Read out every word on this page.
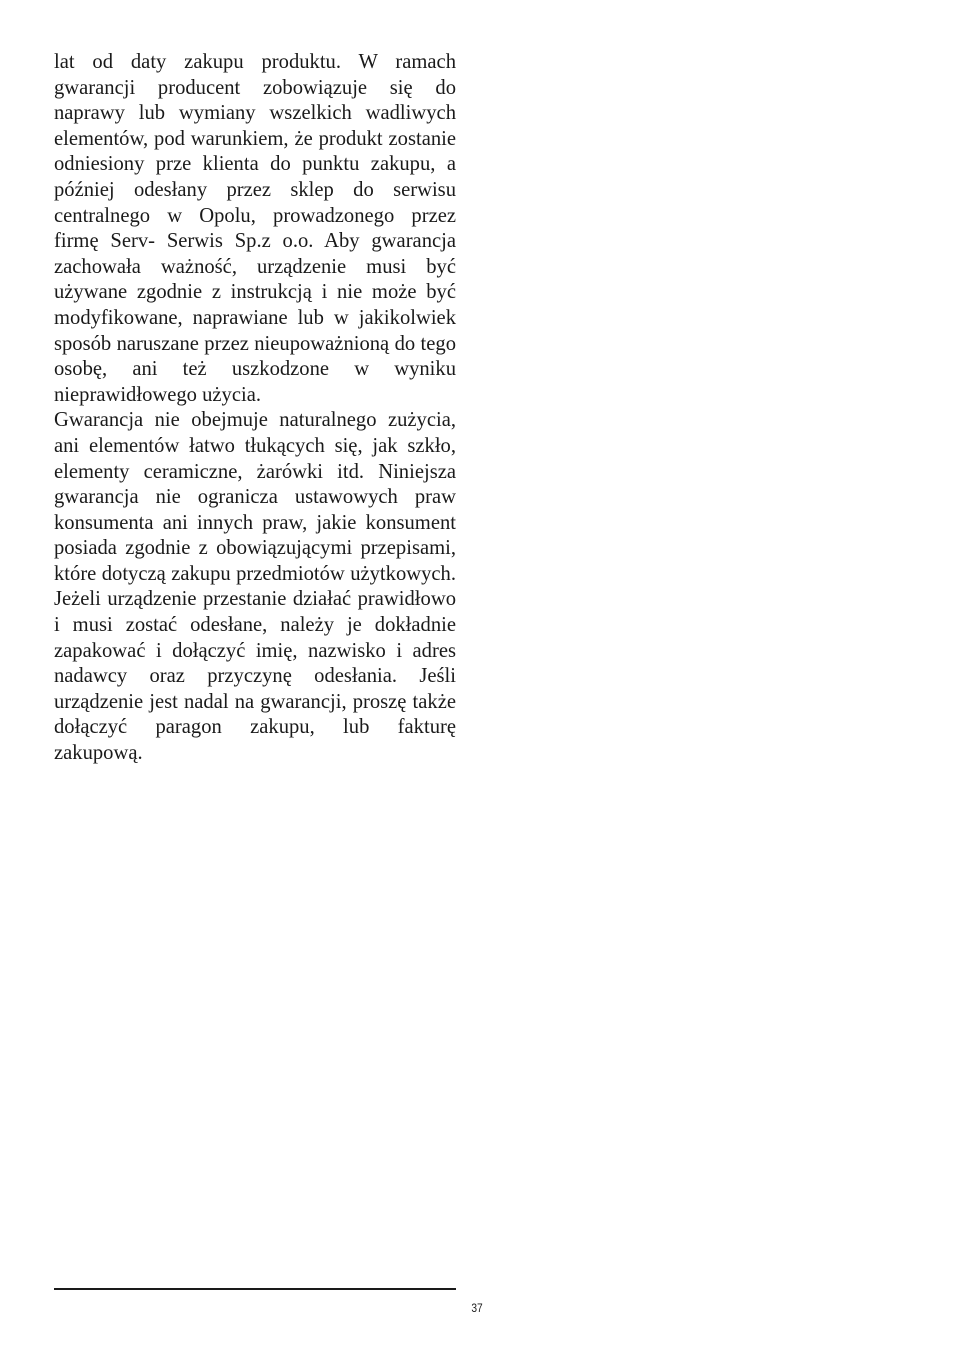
lat od daty zakupu produktu. W ramach gwarancji producent zobowiązuje się do naprawy lub wymiany wszelkich wadliwych elementów, pod warunkiem, że produkt zostanie odniesiony prze klienta do punktu zakupu, a później odesłany przez sklep do serwisu centralnego w Opolu, prowadzonego przez firmę Serv- Serwis Sp.z o.o. Aby gwarancja zachowała ważność, urządzenie musi być używane zgodnie z instrukcją i nie może być modyfikowane, naprawiane lub w jakikolwiek sposób naruszane przez nieupoważnioną do tego osobę, ani też uszkodzone w wyniku nieprawidłowego użycia.

Gwarancja nie obejmuje naturalnego zużycia, ani elementów łatwo tłukących się, jak szkło, elementy ceramiczne, żarówki itd. Niniejsza gwarancja nie ogranicza ustawowych praw konsumenta ani innych praw, jakie konsument posiada zgodnie z obowiązującymi przepisami, które dotyczą zakupu przedmiotów użytkowych. Jeżeli urządzenie przestanie działać prawidłowo i musi zostać odesłane, należy je dokładnie zapakować i dołączyć imię, nazwisko i adres nadawcy oraz przyczynę odesłania. Jeśli urządzenie jest nadal na gwarancji, proszę także dołączyć paragon zakupu, lub fakturę zakupową.

37
